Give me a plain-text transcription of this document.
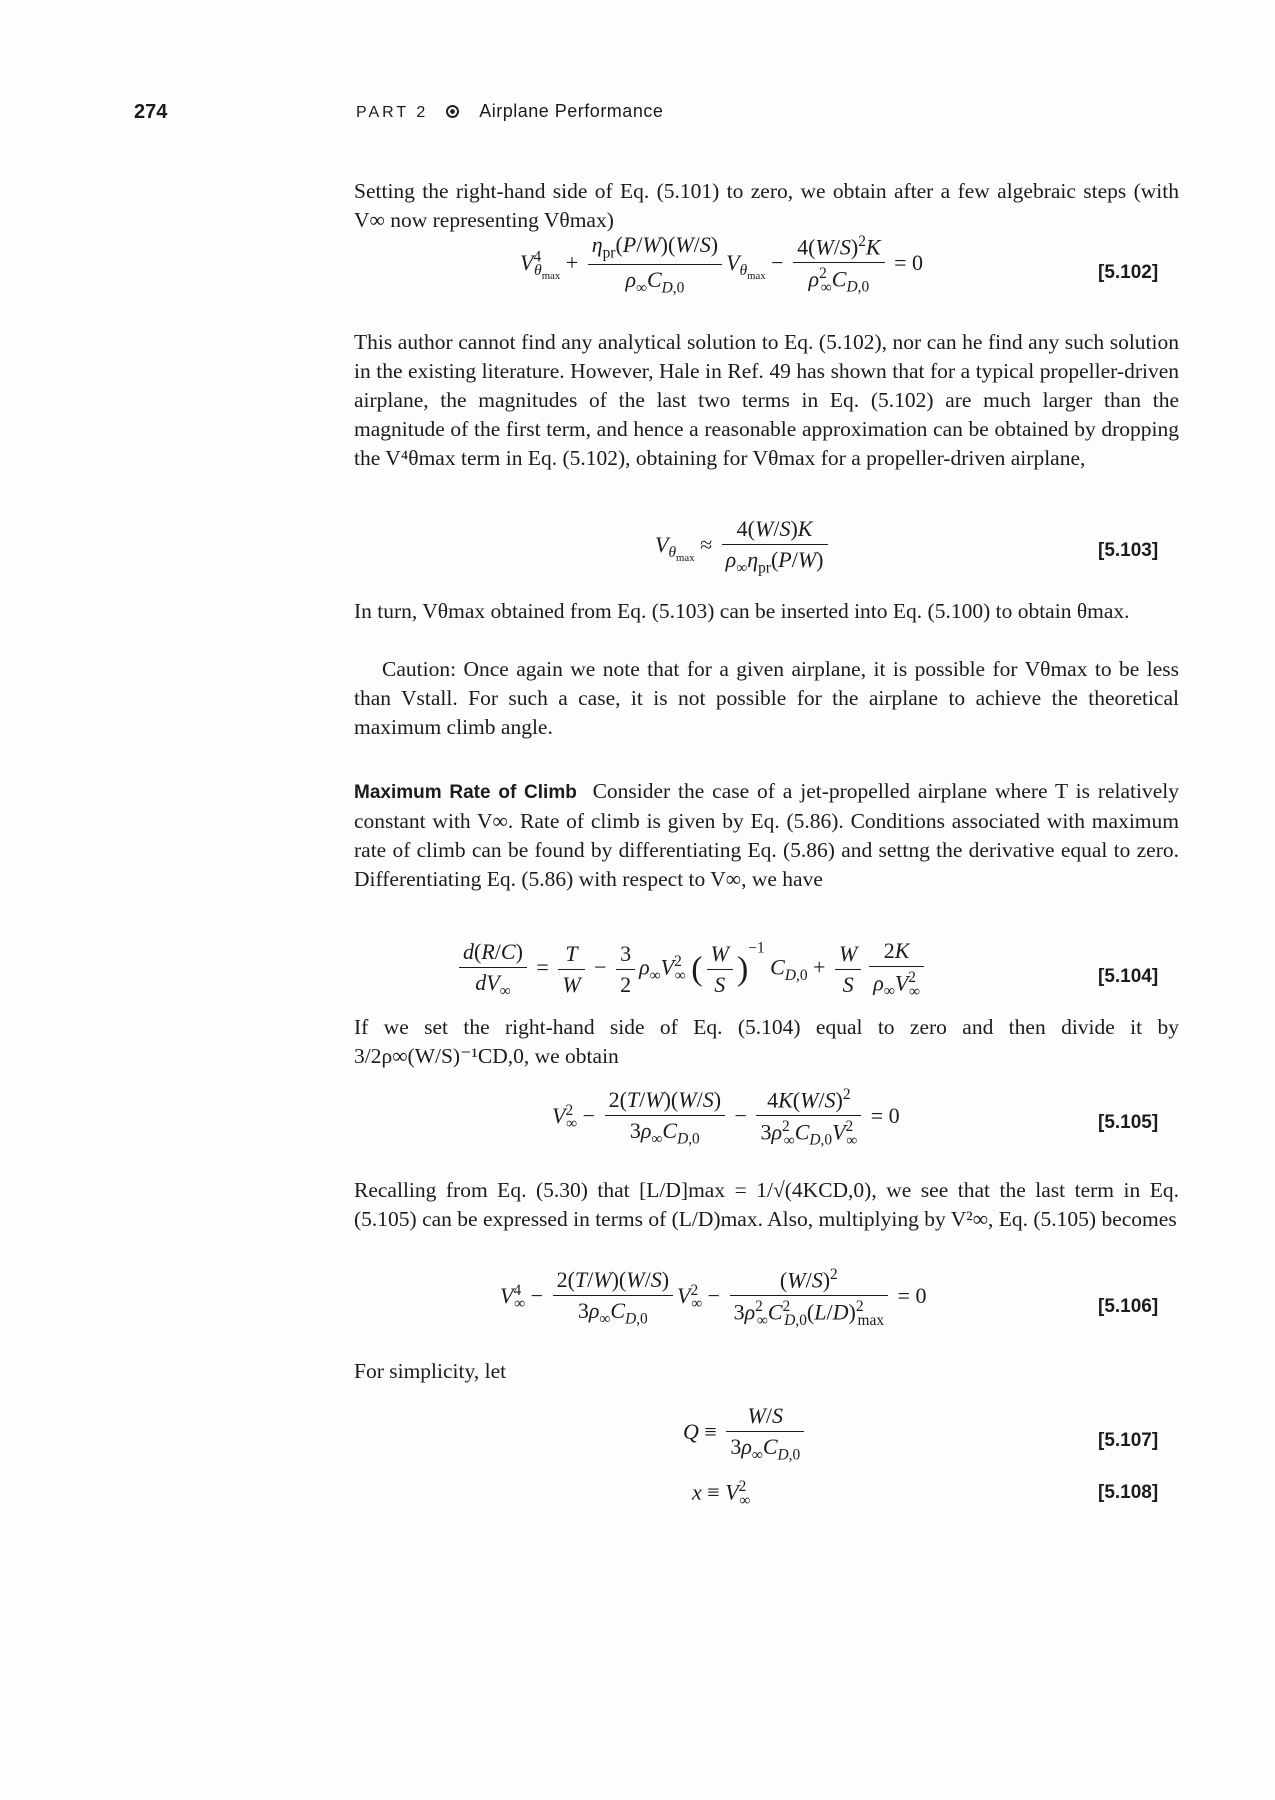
274	PART 2	Airplane Performance

Setting the right-hand side of Eq. (5.101) to zero, we obtain after a few algebraic steps (with V∞ now representing Vθmax)

$V^4_{\theta_{max}} + \frac{\eta_{pr}(P/W)(W/S)}{\rho_\infty C_{D,0}} V_{\theta_{max}} - \frac{4(W/S)^2K}{\rho^2_\infty C_{D,0}} = 0$	[5.102]

This author cannot find any analytical solution to Eq. (5.102), nor can he find any such solution in the existing literature. However, Hale in Ref. 49 has shown that for a typical propeller-driven airplane, the magnitudes of the last two terms in Eq. (5.102) are much larger than the magnitude of the first term, and hence a reasonable approximation can be obtained by dropping the V⁴θmax term in Eq. (5.102), obtaining for Vθmax for a propeller-driven airplane,

$V_{\theta_{max}} \approx \frac{4(W/S)K}{\rho_\infty\eta_{pr}(P/W)}$	[5.103]

In turn, Vθmax obtained from Eq. (5.103) can be inserted into Eq. (5.100) to obtain θmax.

Caution: Once again we note that for a given airplane, it is possible for Vθmax to be less than Vstall. For such a case, it is not possible for the airplane to achieve the theoretical maximum climb angle.

Maximum Rate of Climb Consider the case of a jet-propelled airplane where T is relatively constant with V∞. Rate of climb is given by Eq. (5.86). Conditions associated with maximum rate of climb can be found by differentiating Eq. (5.86) and settng the derivative equal to zero. Differentiating Eq. (5.86) with respect to V∞, we have

$\frac{d(R/C)}{dV_\infty} = \frac{T}{W} - \frac{3}{2} \rho_\infty V^2_\infty$ ( $\frac{W}{S} )^{-1}$ $C_{D,0} + \frac{W}{S} \frac{2K}{\rho_\infty V^2_\infty}$	[5.104]

If we set the right-hand side of Eq. (5.104) equal to zero and then divide it by 3/2ρ∞(W/S)⁻¹CD,0, we obtain

$V^2_\infty - \frac{2(T/W)(W/S)}{3\rho_\infty C_{D,0}} - \frac{4K(W/S)^2}{3\rho^2_\infty C_{D,0}V^2_\infty} = 0$	[5.105]

Recalling from Eq. (5.30) that [L/D]max = 1/√(4KCD,0), we see that the last term in Eq. (5.105) can be expressed in terms of (L/D)max. Also, multiplying by V²∞, Eq. (5.105) becomes

$V^4_\infty - \frac{2(T/W)(W/S)}{3\rho_\infty C_{D,0}} V^2_\infty - \frac{(W/S)^2}{3\rho^2_\infty C^2_{D,0}(L/D)^2_{max}} = 0$	[5.106]

For simplicity, let

$Q \equiv \frac{W/S}{3\rho_\infty C_{D,0}}$	[5.107]
$x \equiv V^2_\infty$	[5.108]
